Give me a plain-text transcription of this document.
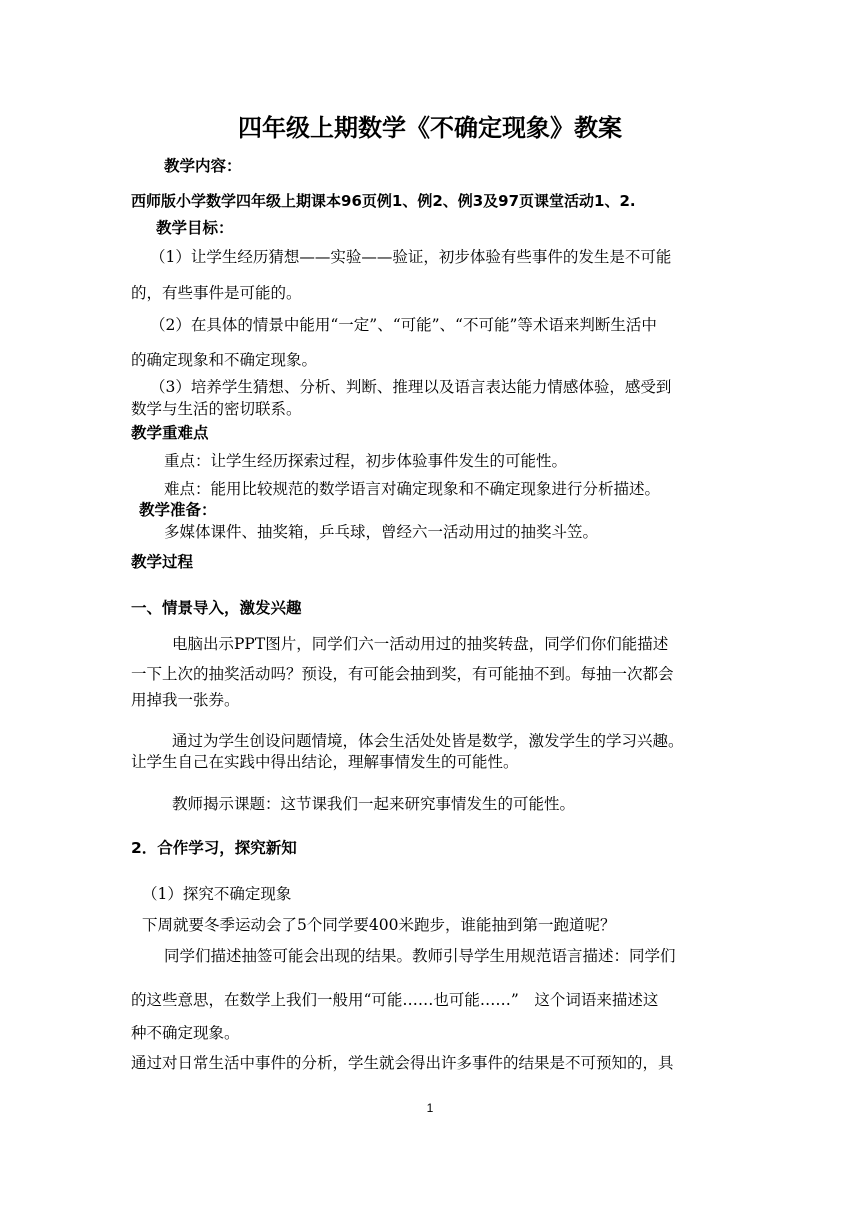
四年级上期数学《不确定现象》教案
教学内容：
西师版小学数学四年级上期课本96页例1、例2、例3及97页课堂活动1、2.
教学目标：
（1）让学生经历猜想——实验——验证，初步体验有些事件的发生是不可能
的，有些事件是可能的。
（2）在具体的情景中能用“一定”、“可能”、“不可能”等术语来判断生活中
的确定现象和不确定现象。
（3）培养学生猜想、分析、判断、推理以及语言表达能力情感体验，感受到
数学与生活的密切联系。
教学重难点
重点：让学生经历探索过程，初步体验事件发生的可能性。
难点：能用比较规范的数学语言对确定现象和不确定现象进行分析描述。
教学准备：
多媒体课件、抽奖箱，乒乓球，曾经六一活动用过的抽奖斗笠。
教学过程
一、情景导入，激发兴趣
电脑出示PPT图片，同学们六一活动用过的抽奖转盘，同学们你们能描述
一下上次的抽奖活动吗？预设，有可能会抽到奖，有可能抽不到。每抽一次都会
用掉我一张券。
通过为学生创设问题情境，体会生活处处皆是数学，激发学生的学习兴趣。
让学生自己在实践中得出结论，理解事情发生的可能性。
教师揭示课题：这节课我们一起来研究事情发生的可能性。
2．合作学习，探究新知
（1）探究不确定现象
下周就要冬季运动会了5个同学要400米跑步，谁能抽到第一跑道呢？
同学们描述抽签可能会出现的结果。教师引导学生用规范语言描述：同学们
的这些意思，在数学上我们一般用“可能……也可能……”　这个词语来描述这
种不确定现象。
通过对日常生活中事件的分析，学生就会得出许多事件的结果是不可预知的，具
1
